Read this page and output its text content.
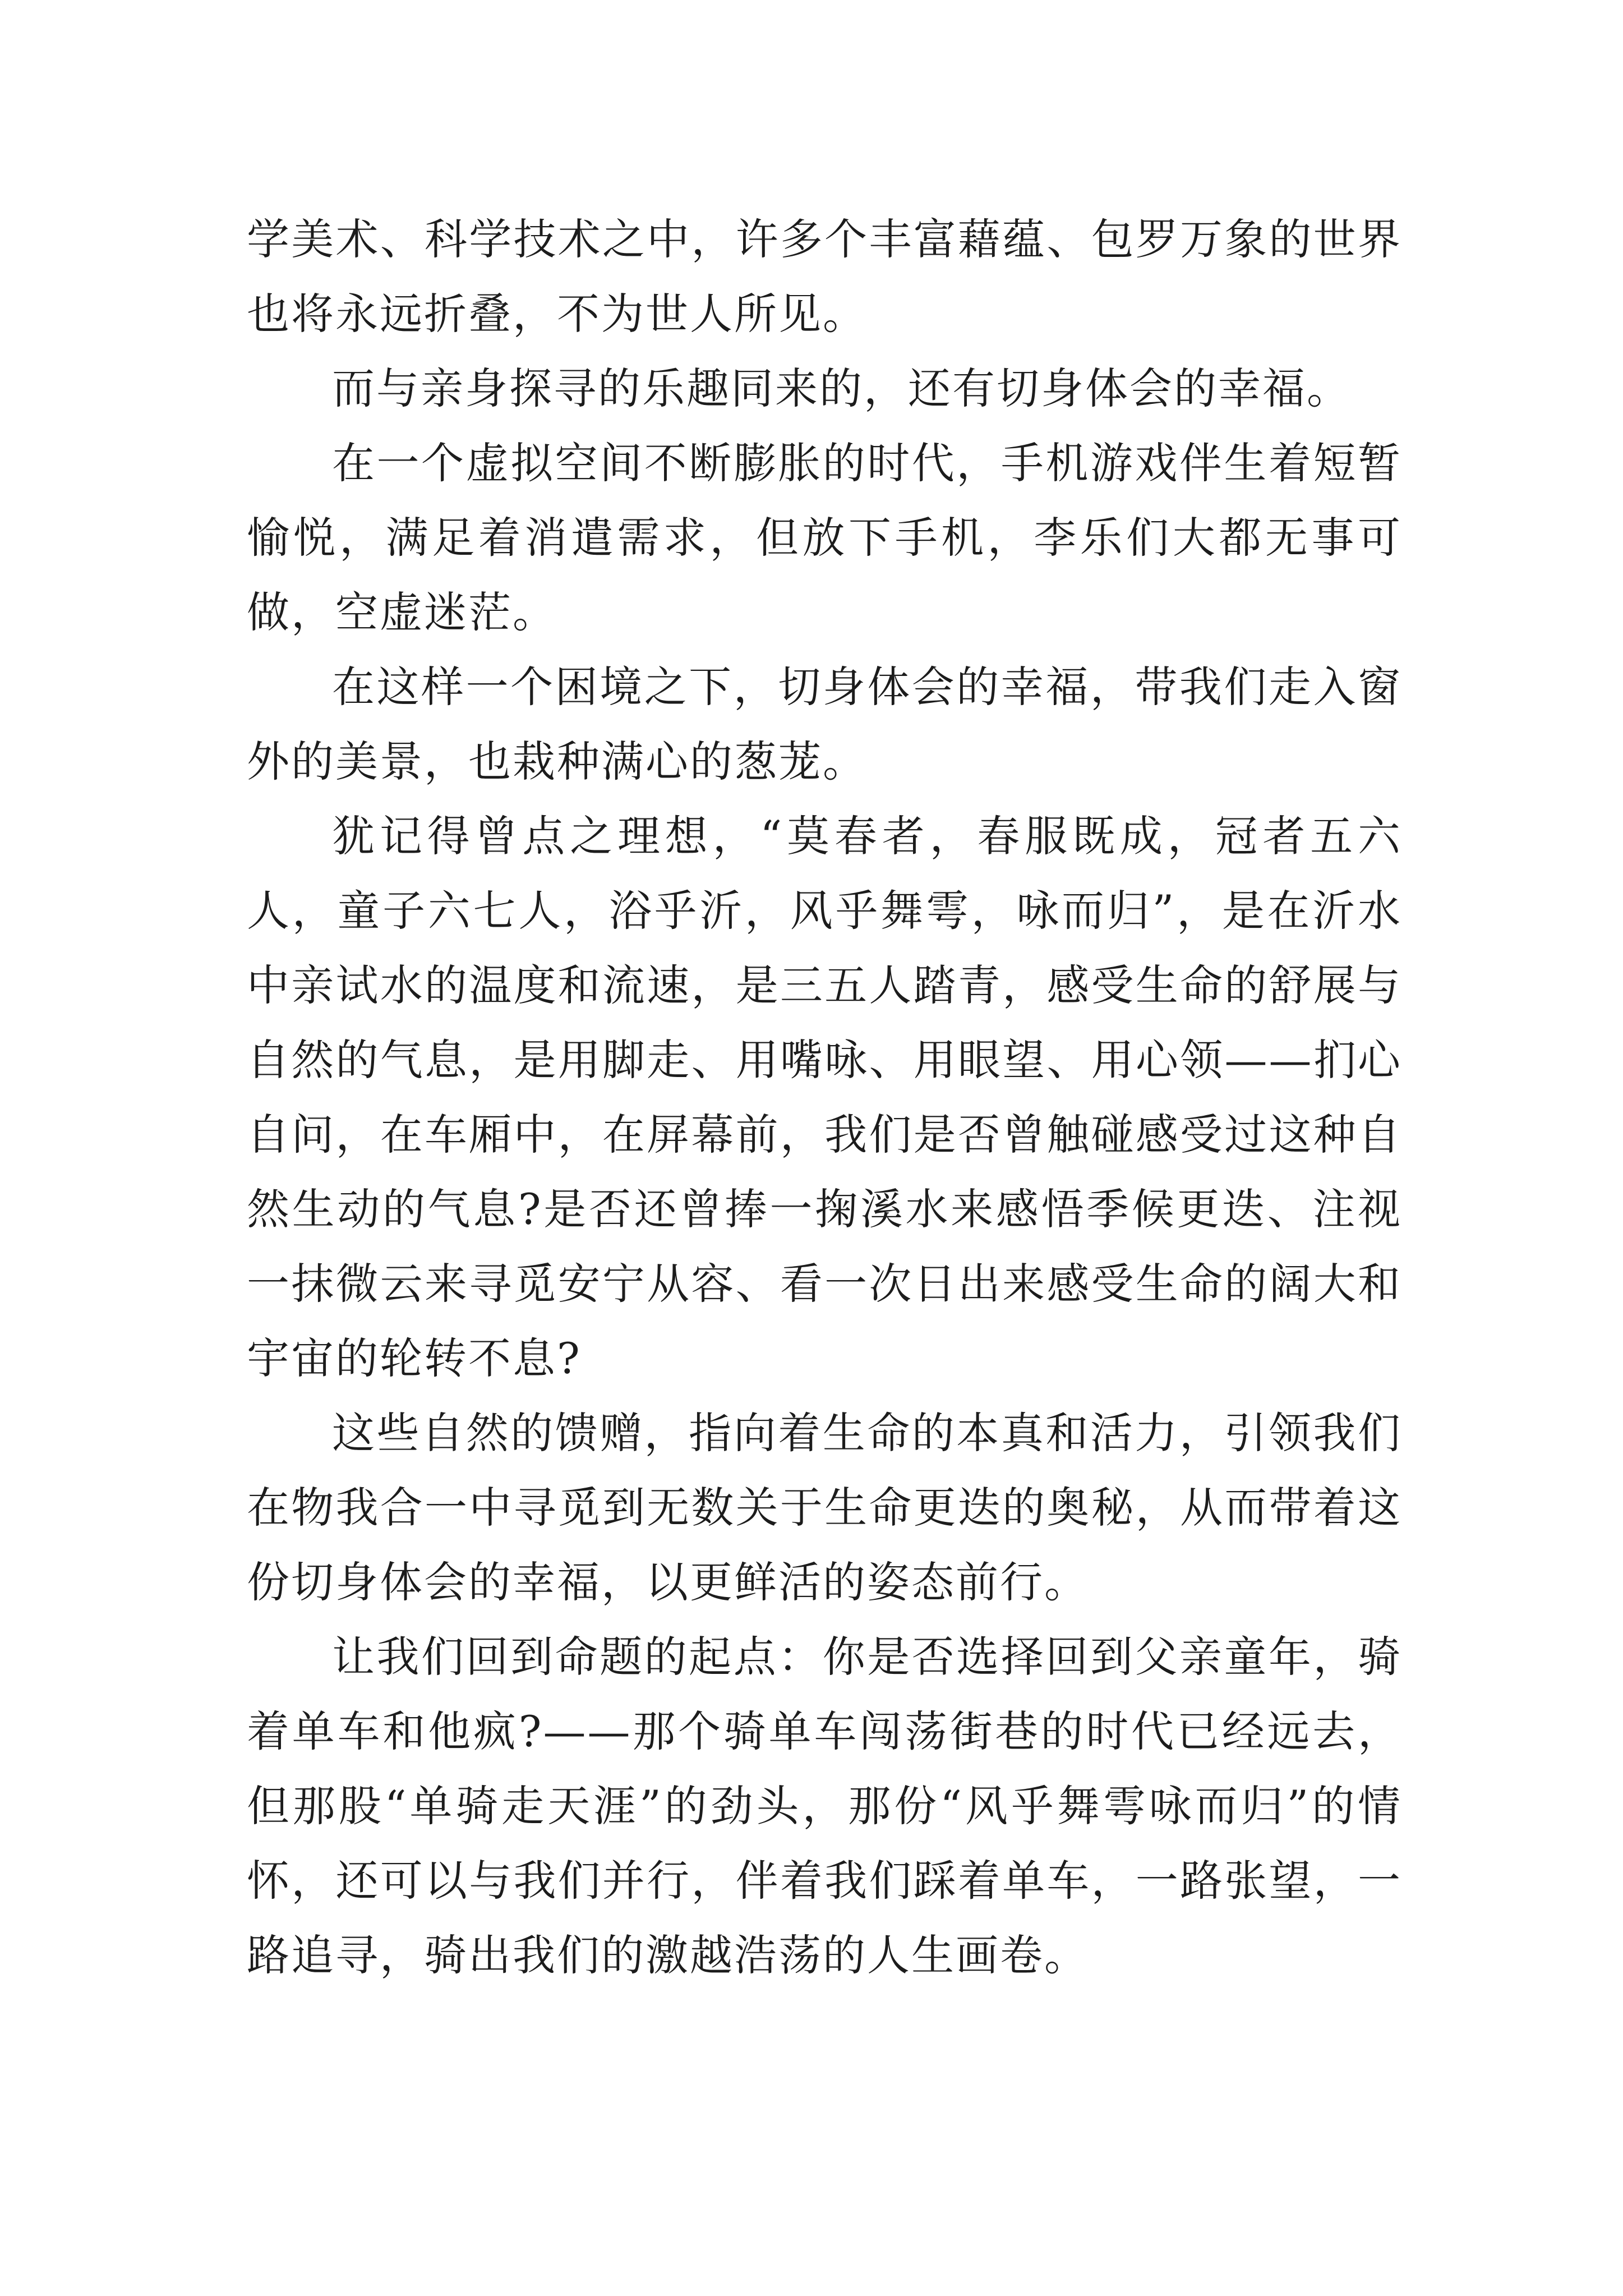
学美术、科学技术之中，许多个丰富藉蕴、包罗万象的世界也将永远折叠，不为世人所见。

而与亲身探寻的乐趣同来的，还有切身体会的幸福。

在一个虚拟空间不断膨胀的时代，手机游戏伴生着短暂愉悦，满足着消遣需求，但放下手机，李乐们大都无事可做，空虚迷茫。

在这样一个困境之下，切身体会的幸福，带我们走入窗外的美景，也栽种满心的葱茏。

犹记得曾点之理想，“莫春者，春服既成，冠者五六人，童子六七人，浴乎沂，风乎舞雩，咏而归”，是在沂水中亲试水的温度和流速，是三五人踏青，感受生命的舒展与自然的气息，是用脚走、用嘴咏、用眼望、用心领——扪心自问，在车厢中，在屏幕前，我们是否曾触碰感受过这种自然生动的气息?是否还曾捧一掬溪水来感悟季候更迭、注视一抹微云来寻觅安宁从容、看一次日出来感受生命的阔大和宇宙的轮转不息?

这些自然的馈赠，指向着生命的本真和活力，引领我们在物我合一中寻觅到无数关于生命更迭的奥秘，从而带着这份切身体会的幸福，以更鲜活的姿态前行。

让我们回到命题的起点：你是否选择回到父亲童年，骑着单车和他疯?——那个骑单车闯荡街巷的时代已经远去，但那股“单骑走天涯”的劲头，那份“风乎舞雩咏而归”的情怀，还可以与我们并行，伴着我们踩着单车，一路张望，一路追寻，骑出我们的激越浩荡的人生画卷。
